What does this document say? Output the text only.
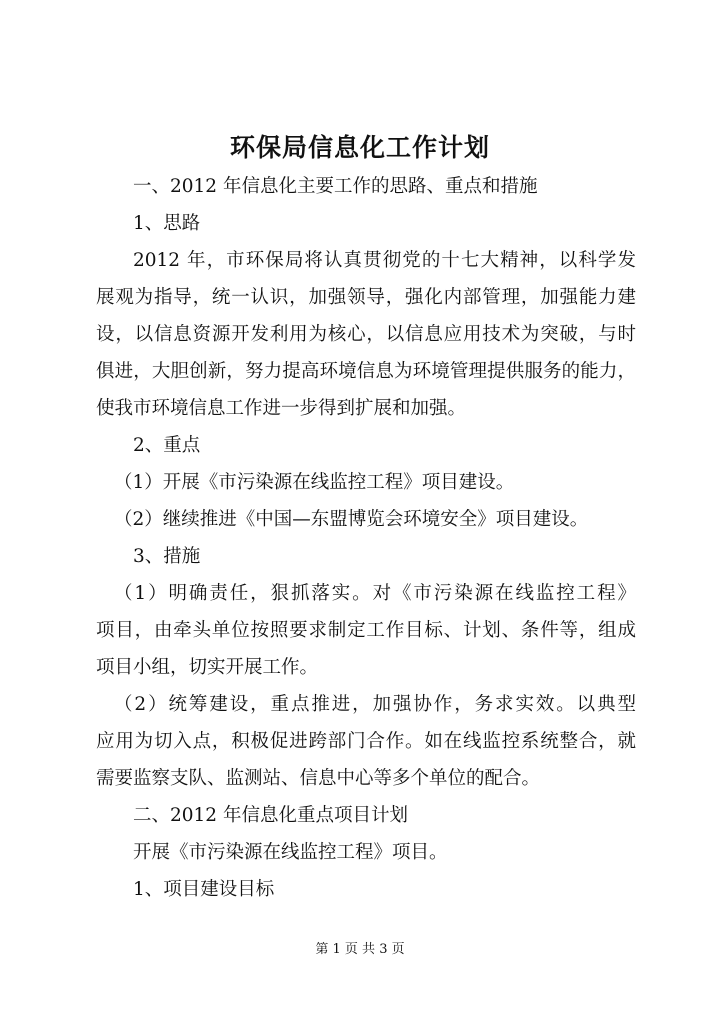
环保局信息化工作计划

一、2012 年信息化主要工作的思路、重点和措施

1、思路

2012 年，市环保局将认真贯彻党的十七大精神，以科学发
展观为指导，统一认识，加强领导，强化内部管理，加强能力建
设，以信息资源开发利用为核心，以信息应用技术为突破，与时
俱进，大胆创新，努力提高环境信息为环境管理提供服务的能力，
使我市环境信息工作进一步得到扩展和加强。

2、重点

（1）开展《市污染源在线监控工程》项目建设。

（2）继续推进《中国—东盟博览会环境安全》项目建设。

3、措施

（1）明确责任，狠抓落实。对《市污染源在线监控工程》
项目，由牵头单位按照要求制定工作目标、计划、条件等，组成
项目小组，切实开展工作。
（2）统筹建设，重点推进，加强协作，务求实效。以典型
应用为切入点，积极促进跨部门合作。如在线监控系统整合，就
需要监察支队、监测站、信息中心等多个单位的配合。

二、2012 年信息化重点项目计划

开展《市污染源在线监控工程》项目。

1、项目建设目标

第 1 页 共 3 页
